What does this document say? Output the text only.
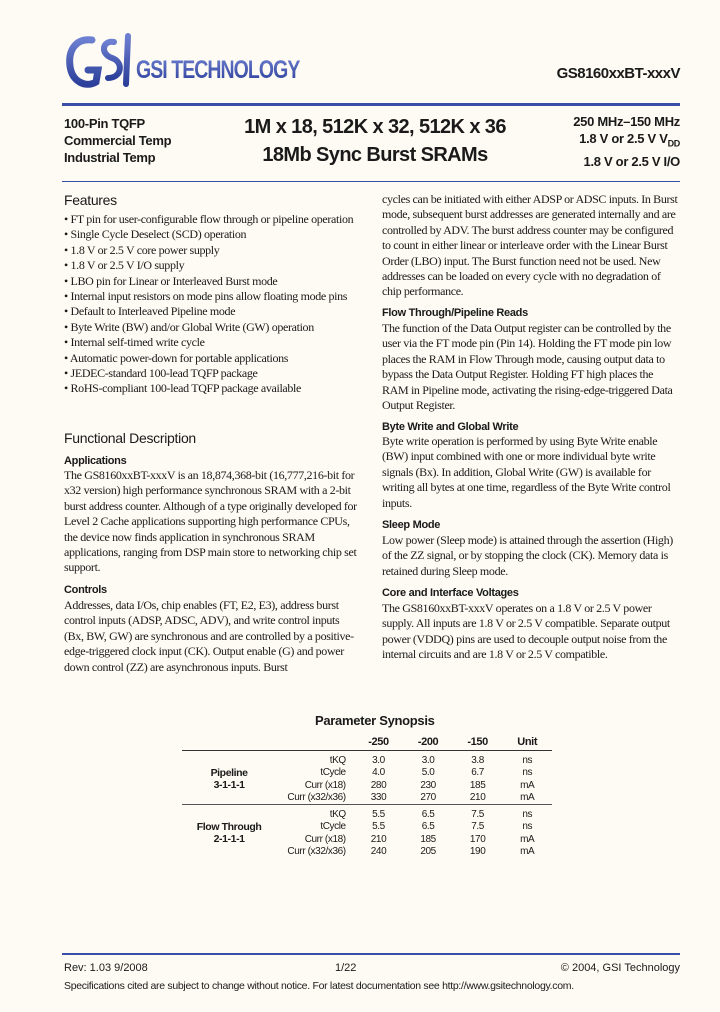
GSI TECHNOLOGY	GS8160xxBT-xxxV
100-Pin TQFP
Commercial Temp
Industrial Temp
1M x 18, 512K x 32, 512K x 36
18Mb Sync Burst SRAMs
250 MHz–150 MHz
1.8 V or 2.5 V $V_{DD}$
1.8 V or 2.5 V I/O
Features
• FT pin for user-configurable flow through or pipeline operation
• Single Cycle Deselect (SCD) operation
• 1.8 V or 2.5 V core power supply
• 1.8 V or 2.5 V I/O supply
• LBO pin for Linear or Interleaved Burst mode
• Internal input resistors on mode pins allow floating mode pins
• Default to Interleaved Pipeline mode
• Byte Write (BW) and/or Global Write (GW) operation
• Internal self-timed write cycle
• Automatic power-down for portable applications
• JEDEC-standard 100-lead TQFP package
• RoHS-compliant 100-lead TQFP package available
Functional Description
Applications
The GS8160xxBT-xxxV is an 18,874,368-bit (16,777,216-bit for x32 version) high performance synchronous SRAM with a 2-bit burst address counter. Although of a type originally developed for Level 2 Cache applications supporting high performance CPUs, the device now finds application in synchronous SRAM applications, ranging from DSP main store to networking chip set support.
Controls
Addresses, data I/Os, chip enables (FT, E2, E3), address burst control inputs (ADSP, ADSC, ADV), and write control inputs (Bx, BW, GW) are synchronous and are controlled by a positive-edge-triggered clock input (CK). Output enable (G) and power down control (ZZ) are asynchronous inputs. Burst
cycles can be initiated with either ADSP or ADSC inputs. In Burst mode, subsequent burst addresses are generated internally and are controlled by ADV. The burst address counter may be configured to count in either linear or interleave order with the Linear Burst Order (LBO) input. The Burst function need not be used. New addresses can be loaded on every cycle with no degradation of chip performance.
Flow Through/Pipeline Reads
The function of the Data Output register can be controlled by the user via the FT mode pin (Pin 14). Holding the FT mode pin low places the RAM in Flow Through mode, causing output data to bypass the Data Output Register. Holding FT high places the RAM in Pipeline mode, activating the rising-edge-triggered Data Output Register.
Byte Write and Global Write
Byte write operation is performed by using Byte Write enable (BW) input combined with one or more individual byte write signals (Bx). In addition, Global Write (GW) is available for writing all bytes at one time, regardless of the Byte Write control inputs.
Sleep Mode
Low power (Sleep mode) is attained through the assertion (High) of the ZZ signal, or by stopping the clock (CK). Memory data is retained during Sleep mode.
Core and Interface Voltages
The GS8160xxBT-xxxV operates on a 1.8 V or 2.5 V power supply. All inputs are 1.8 V or 2.5 V compatible. Separate output power (VDDQ) pins are used to decouple output noise from the internal circuits and are 1.8 V or 2.5 V compatible.
Parameter Synopsis
		-250	-200	-150	Unit

Pipeline	tKQ	3.0	3.0	3.8	ns
	tCycle	4.0	5.0	6.7	ns
3-1-1-1	Curr (x18)	280	230	185	mA
	Curr (x32/x36)	330	270	210	mA

Flow Through	tKQ	5.5	6.5	7.5	ns
	tCycle	5.5	6.5	7.5	ns
2-1-1-1	Curr (x18)	210	185	170	mA
	Curr (x32/x36)	240	205	190	mA
Rev: 1.03 9/2008	1/22	© 2004, GSI Technology
Specifications cited are subject to change without notice. For latest documentation see http://www.gsitechnology.com.
